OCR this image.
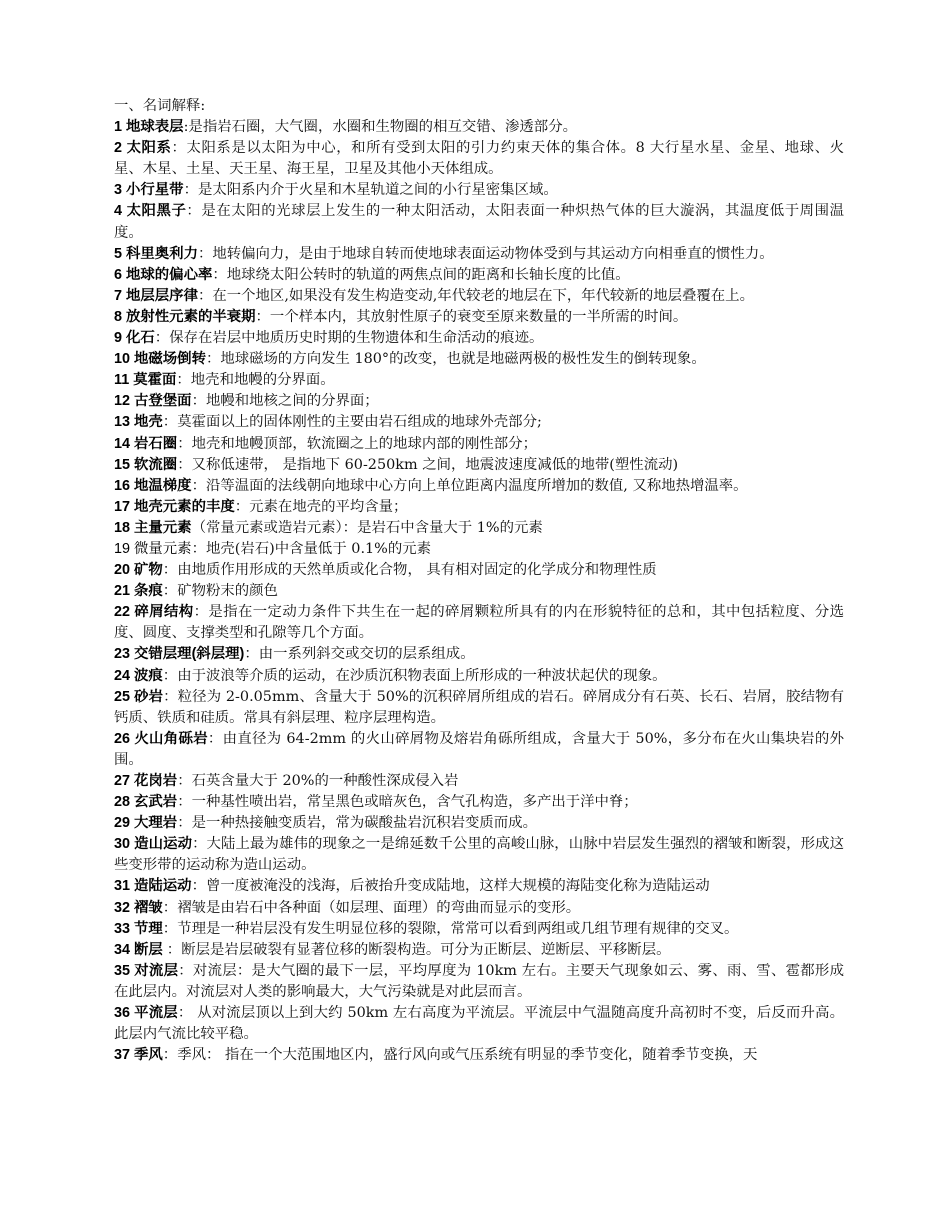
一、名词解释:

1 地球表层:是指岩石圈，大气圈，水圈和生物圈的相互交错、渗透部分。

2 太阳系：太阳系是以太阳为中心，和所有受到太阳的引力约束天体的集合体。8 大行星水星、金星、地球、火星、木星、土星、天王星、海王星，卫星及其他小天体组成。

3 小行星带：是太阳系内介于火星和木星轨道之间的小行星密集区域。

4 太阳黑子：是在太阳的光球层上发生的一种太阳活动，太阳表面一种炽热气体的巨大漩涡，其温度低于周围温度。

5 科里奥利力：地转偏向力，是由于地球自转而使地球表面运动物体受到与其运动方向相垂直的惯性力。

6 地球的偏心率：地球绕太阳公转时的轨道的两焦点间的距离和长轴长度的比值。

7 地层层序律：在一个地区,如果没有发生构造变动,年代较老的地层在下，年代较新的地层叠覆在上。

8 放射性元素的半衰期：一个样本内，其放射性原子的衰变至原来数量的一半所需的时间。

9 化石：保存在岩层中地质历史时期的生物遗体和生命活动的痕迹。

10 地磁场倒转：地球磁场的方向发生 180°的改变，也就是地磁两极的极性发生的倒转现象。

11 莫霍面：地壳和地幔的分界面。

12 古登堡面：地幔和地核之间的分界面；

13 地壳：莫霍面以上的固体刚性的主要由岩石组成的地球外壳部分;

14 岩石圈：地壳和地幔顶部，软流圈之上的地球内部的刚性部分；

15 软流圈：又称低速带， 是指地下 60-250km 之间，地震波速度减低的地带(塑性流动)

16 地温梯度：沿等温面的法线朝向地球中心方向上单位距离内温度所增加的数值, 又称地热增温率。

17 地壳元素的丰度：元素在地壳的平均含量；

18 主量元素（常量元素或造岩元素）：是岩石中含量大于 1%的元素

19 微量元素：地壳(岩石)中含量低于 0.1%的元素

20 矿物：由地质作用形成的天然单质或化合物， 具有相对固定的化学成分和物理性质

21 条痕：矿物粉末的颜色

22 碎屑结构：是指在一定动力条件下共生在一起的碎屑颗粒所具有的内在形貌特征的总和，其中包括粒度、分选度、圆度、支撑类型和孔隙等几个方面。

23 交错层理(斜层理)：由一系列斜交或交切的层系组成。

24 波痕：由于波浪等介质的运动，在沙质沉积物表面上所形成的一种波状起伏的现象。

25 砂岩：粒径为 2-0.05mm、含量大于 50%的沉积碎屑所组成的岩石。碎屑成分有石英、长石、岩屑，胶结物有钙质、铁质和硅质。常具有斜层理、粒序层理构造。

26 火山角砾岩：由直径为 64-2mm 的火山碎屑物及熔岩角砾所组成，含量大于 50%，多分布在火山集块岩的外围。

27 花岗岩：石英含量大于 20%的一种酸性深成侵入岩

28 玄武岩：一种基性喷出岩，常呈黑色或暗灰色，含气孔构造，多产出于洋中脊；

29 大理岩：是一种热接触变质岩，常为碳酸盐岩沉积岩变质而成。

30 造山运动：大陆上最为雄伟的现象之一是绵延数千公里的高峻山脉，山脉中岩层发生强烈的褶皱和断裂，形成这些变形带的运动称为造山运动。

31 造陆运动：曾一度被淹没的浅海，后被抬升变成陆地，这样大规模的海陆变化称为造陆运动

32 褶皱：褶皱是由岩石中各种面（如层理、面理）的弯曲而显示的变形。

33 节理：节理是一种岩层没有发生明显位移的裂隙，常常可以看到两组或几组节理有规律的交叉。

34 断层 ：断层是岩层破裂有显著位移的断裂构造。可分为正断层、逆断层、平移断层。

35 对流层：对流层：是大气圈的最下一层，平均厚度为 10km 左右。主要天气现象如云、雾、雨、雪、雹都形成在此层内。对流层对人类的影响最大，大气污染就是对此层而言。

36 平流层： 从对流层顶以上到大约 50km 左右高度为平流层。平流层中气温随高度升高初时不变，后反而升高。此层内气流比较平稳。

37 季风：季风： 指在一个大范围地区内，盛行风向或气压系统有明显的季节变化，随着季节变换，天
